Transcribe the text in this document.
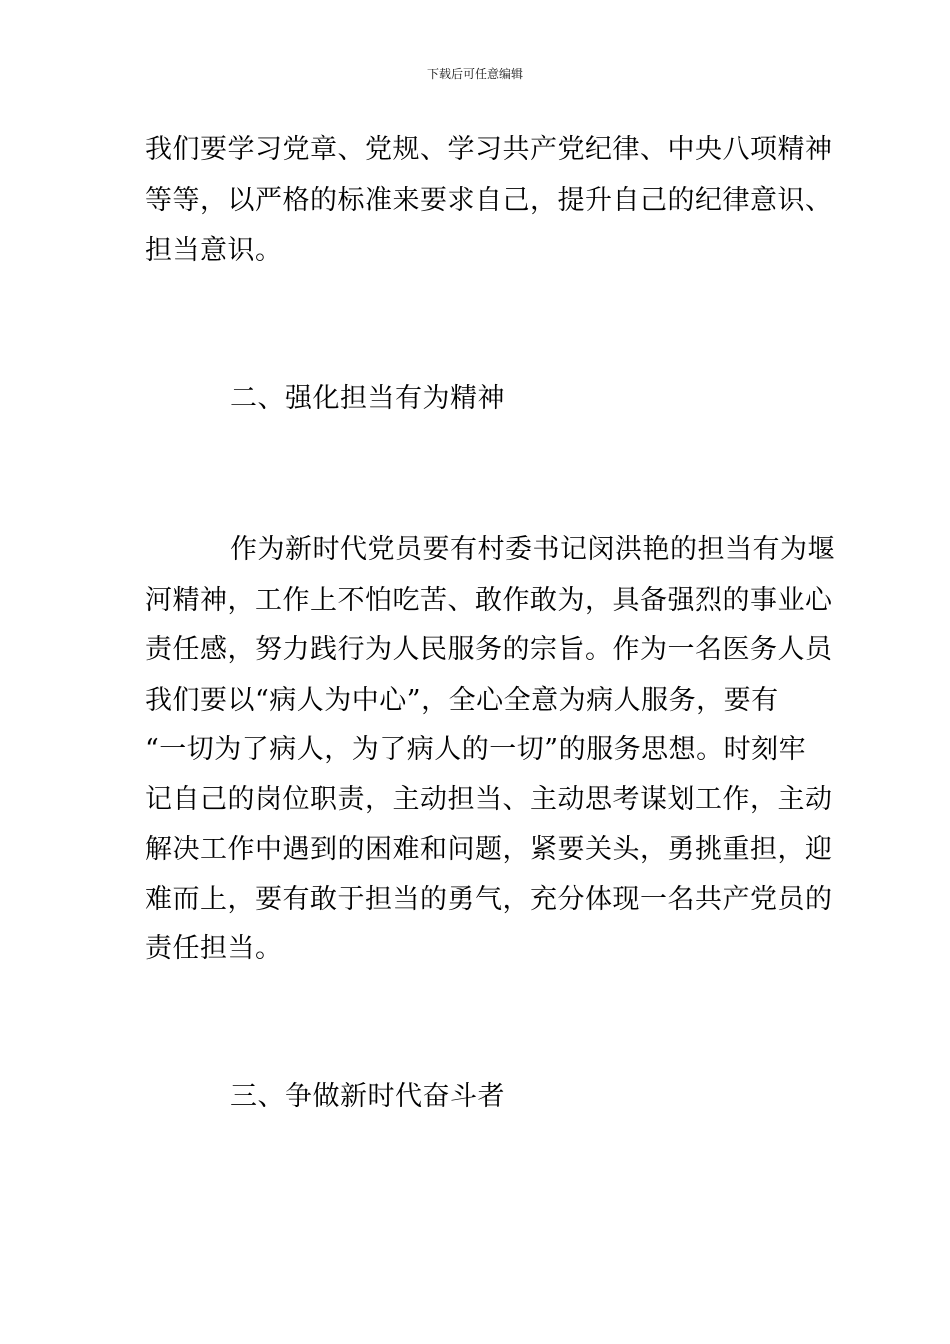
下载后可任意编辑
我们要学习党章、党规、学习共产党纪律、中央八项精神
等等，以严格的标准来要求自己，提升自己的纪律意识、
担当意识。
二、强化担当有为精神
作为新时代党员要有村委书记闵洪艳的担当有为堰
河精神，工作上不怕吃苦、敢作敢为，具备强烈的事业心
责任感，努力践行为人民服务的宗旨。作为一名医务人员
我们要以“病人为中心”，全心全意为病人服务，要有
“一切为了病人，为了病人的一切”的服务思想。时刻牢
记自己的岗位职责，主动担当、主动思考谋划工作，主动
解决工作中遇到的困难和问题，紧要关头，勇挑重担，迎
难而上，要有敢于担当的勇气，充分体现一名共产党员的
责任担当。
三、争做新时代奋斗者
